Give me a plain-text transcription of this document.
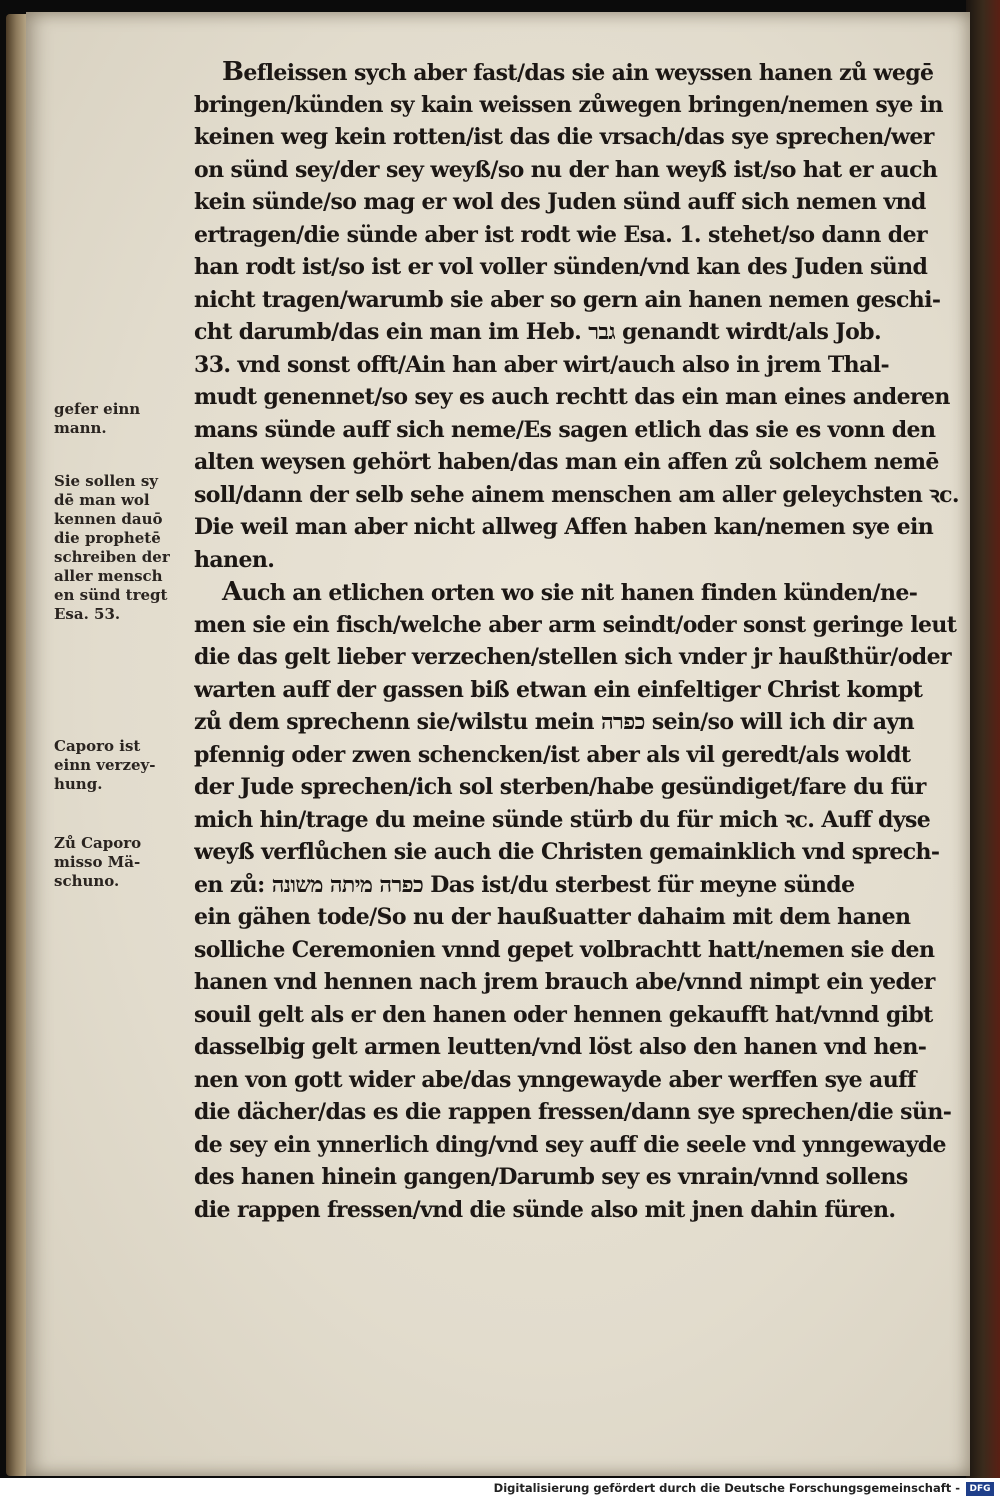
gefer einn
mann.
Sie sollen sy
dē man wol
kennen dauō
die prophetē
schreiben der
aller mensch
en sünd tregt
Esa. 53.
Caporo ist
einn verzey-
hung.
Zů Caporo
misso Mä-
schuno.
Befleissen sych aber fast/das sie ain weyssen hanen zů wegē
bringen/künden sy kain weissen zůwegen bringen/nemen sye in
keinen weg kein rotten/ist das die vrsach/das sye sprechen/wer
on sünd sey/der sey weyß/so nu der han weyß ist/so hat er auch
kein sünde/so mag er wol des Juden sünd auff sich nemen vnd
ertragen/die sünde aber ist rodt wie Esa. 1. stehet/so dann der
han rodt ist/so ist er vol voller sünden/vnd kan des Juden sünd
nicht tragen/warumb sie aber so gern ain hanen nemen geschi-
cht darumb/das ein man im Heb. גבר genandt wirdt/als Job.
33. vnd sonst offt/Ain han aber wirt/auch also in jrem Thal-
mudt genennet/so sey es auch rechtt das ein man eines anderen
mans sünde auff sich neme/Es sagen etlich das sie es vonn den
alten weysen gehört haben/das man ein affen zů solchem nemē
soll/dann der selb sehe ainem menschen am aller geleychsten ꝛc.
Die weil man aber nicht allweg Affen haben kan/nemen sye ein
hanen.
Auch an etlichen orten wo sie nit hanen finden künden/ne-
men sie ein fisch/welche aber arm seindt/oder sonst geringe leut
die das gelt lieber verzechen/stellen sich vnder jr haußthür/oder
warten auff der gassen biß etwan ein einfeltiger Christ kompt
zů dem sprechenn sie/wilstu mein כפרה sein/so will ich dir ayn
pfennig oder zwen schencken/ist aber als vil geredt/als woldt
der Jude sprechen/ich sol sterben/habe gesündiget/fare du für
mich hin/trage du meine sünde stürb du für mich ꝛc. Auff dyse
weyß verflůchen sie auch die Christen gemainklich vnd sprech-
en zů: כפרה מיתה משונה Das ist/du sterbest für meyne sünde
ein gähen tode/So nu der haußuatter dahaim mit dem hanen
solliche Ceremonien vnnd gepet volbrachtt hatt/nemen sie den
hanen vnd hennen nach jrem brauch abe/vnnd nimpt ein yeder
souil gelt als er den hanen oder hennen gekaufft hat/vnnd gibt
dasselbig gelt armen leutten/vnd löst also den hanen vnd hen-
nen von gott wider abe/das ynngewayde aber werffen sye auff
die dächer/das es die rappen fressen/dann sye sprechen/die sün-
de sey ein ynnerlich ding/vnd sey auff die seele vnd ynngewayde
des hanen hinein gangen/Darumb sey es vnrain/vnnd sollens
die rappen fressen/vnd die sünde also mit jnen dahin füren.
Digitalisierung gefördert durch die Deutsche Forschungsgemeinschaft -	DFG
